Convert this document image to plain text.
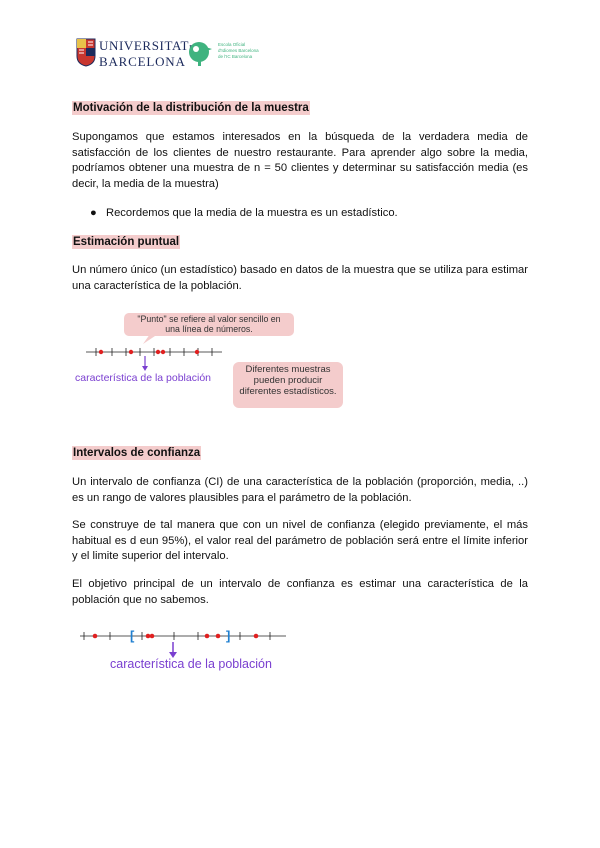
UNIVERSITAT
BARCELONA
Escola Oficial
d'Idiomes Barcelona
de l'IC Barcelona
Motivación de la distribución de la muestra

Supongamos que estamos interesados en la búsqueda de la verdadera media de satisfacción de los clientes de nuestro restaurante. Para aprender algo sobre la media, podríamos obtener una muestra de n = 50 clientes y determinar su satisfacción media (es decir, la media de la muestra)

● Recordemos que la media de la muestra es un estadístico.
Estimación puntual

Un número único (un estadístico) basado en datos de la muestra que se utiliza para estimar una característica de la población.

"Punto" se refiere al valor sencillo en
una línea de números.
Diferentes muestras
pueden producir
diferentes estadísticos.
[	]
característica de la población
Intervalos de confianza

Un intervalo de confianza (CI) de una característica de la población (proporción, media, ..) es un rango de valores plausibles para el parámetro de la población.

Se construye de tal manera que con un nivel de confianza (elegido previamente, el más habitual es d eun 95%), el valor real del parámetro de población será entre el límite inferior y el limite superior del intervalo.

El objetivo principal de un intervalo de confianza es estimar una característica de la población que no sabemos.

característica de la población
